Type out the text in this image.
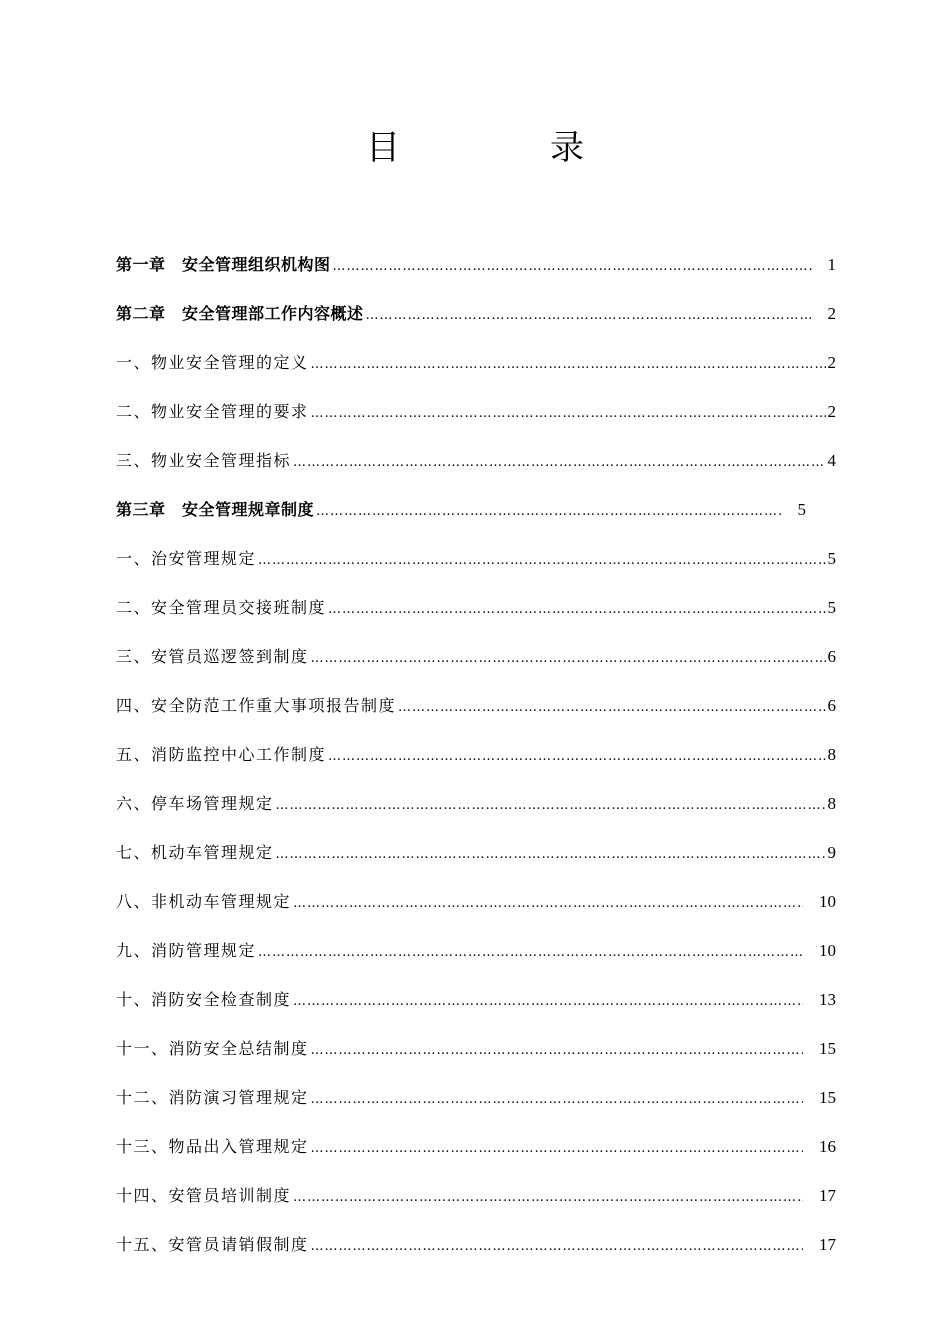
目　录
第一章　安全管理组织机构图 …………………………………………………………………………………………………………………………………………………………	1
第二章　安全管理部工作内容概述 …………………………………………………………………………………………………………………………………………………………	2
一、物业安全管理的定义 …………………………………………………………………………………………………………………………………………………………	2
二、物业安全管理的要求 …………………………………………………………………………………………………………………………………………………………	2
三、物业安全管理指标 …………………………………………………………………………………………………………………………………………………………	4
第三章　安全管理规章制度 …………………………………………………………………………………………………………………………………………………………	5
一、治安管理规定 …………………………………………………………………………………………………………………………………………………………	5
二、安全管理员交接班制度 …………………………………………………………………………………………………………………………………………………………	5
三、安管员巡逻签到制度 …………………………………………………………………………………………………………………………………………………………	6
四、安全防范工作重大事项报告制度 …………………………………………………………………………………………………………………………………………………………	6
五、消防监控中心工作制度 …………………………………………………………………………………………………………………………………………………………	8
六、停车场管理规定 …………………………………………………………………………………………………………………………………………………………	8
七、机动车管理规定 …………………………………………………………………………………………………………………………………………………………	9
八、非机动车管理规定 …………………………………………………………………………………………………………………………………………………………	10
九、消防管理规定 …………………………………………………………………………………………………………………………………………………………	10
十、消防安全检查制度 …………………………………………………………………………………………………………………………………………………………	13
十一、消防安全总结制度 …………………………………………………………………………………………………………………………………………………………	15
十二、消防演习管理规定 …………………………………………………………………………………………………………………………………………………………	15
十三、物品出入管理规定 …………………………………………………………………………………………………………………………………………………………	16
十四、安管员培训制度 …………………………………………………………………………………………………………………………………………………………	17
十五、安管员请销假制度 …………………………………………………………………………………………………………………………………………………………	17
